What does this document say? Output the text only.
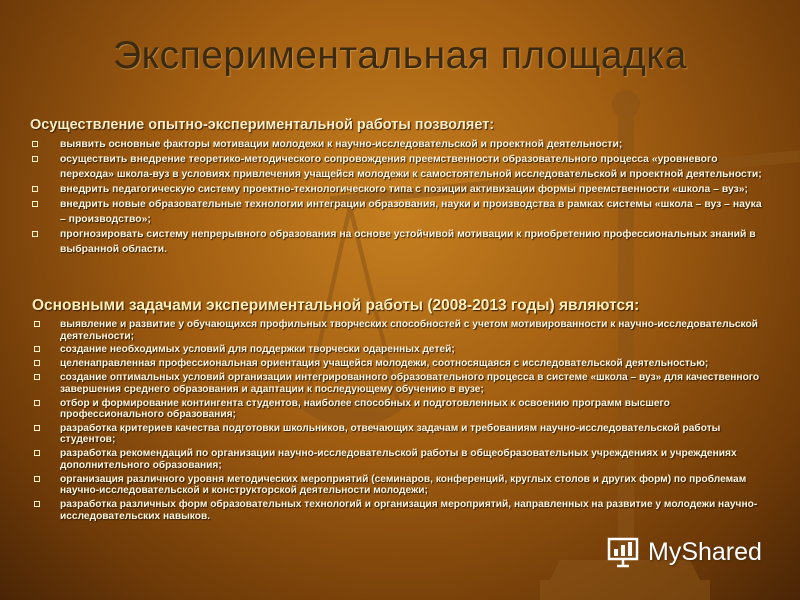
Экспериментальная площадка
Осуществление опытно-экспериментальной работы позволяет:
выявить основные факторы мотивации молодежи к научно-исследовательской и проектной деятельности;
осуществить внедрение теоретико-методического сопровождения преемственности образовательного процесса «уровневого перехода» школа-вуз в условиях привлечения учащейся молодежи к самостоятельной исследовательской и проектной деятельности;
внедрить педагогическую систему проектно-технологического типа с позиции активизации формы преемственности «школа – вуз»;
внедрить новые образовательные технологии интеграции образования, науки и производства в рамках системы «школа – вуз – наука – производство»;
прогнозировать систему непрерывного образования на основе устойчивой мотивации к приобретению профессиональных знаний в выбранной области.
Основными задачами экспериментальной работы (2008-2013 годы) являются:
выявление и развитие у обучающихся профильных творческих способностей с учетом мотивированности к научно-исследовательской деятельности;
создание необходимых условий для поддержки творчески одаренных детей;
целенаправленная профессиональная ориентация учащейся молодежи, соотносящаяся с исследовательской деятельностью;
создание оптимальных условий организации интегрированного образовательного процесса в системе «школа – вуз» для качественного завершения среднего образования и адаптации к последующему обучению в вузе;
отбор и формирование контингента студентов, наиболее способных и подготовленных к освоению программ высшего профессионального образования;
разработка критериев качества подготовки школьников, отвечающих задачам и требованиям научно-исследовательской работы студентов;
разработка рекомендаций по организации научно-исследовательской работы в общеобразовательных учреждениях и учреждениях дополнительного образования;
организация различного уровня методических мероприятий (семинаров, конференций, круглых столов и других форм) по проблемам научно-исследовательской и конструкторской деятельности молодежи;
разработка различных форм образовательных технологий и организация мероприятий, направленных на развитие у молодежи научно-исследовательских навыков.
MyShared
